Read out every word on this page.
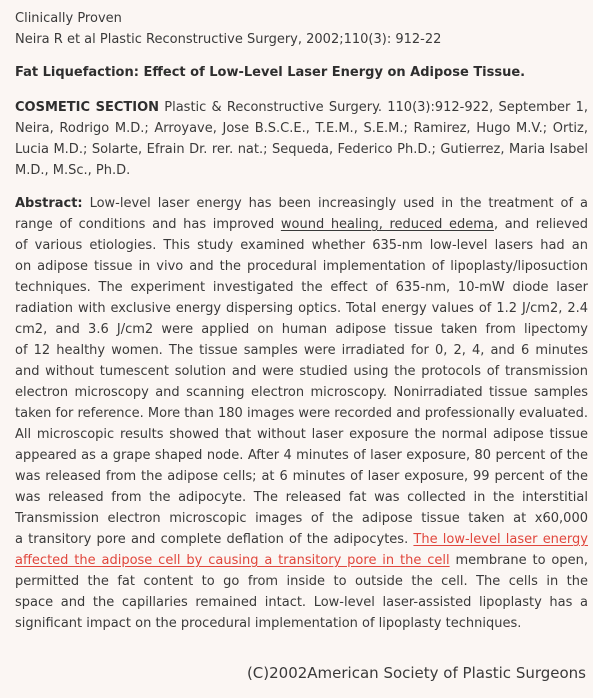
Clinically Proven
Neira R et al Plastic Reconstructive Surgery, 2002;110(3): 912-22
Fat Liquefaction: Effect of Low-Level Laser Energy on Adipose Tissue.
COSMETIC SECTION Plastic & Reconstructive Surgery. 110(3):912-922, September 1,
Neira, Rodrigo M.D.; Arroyave, Jose B.S.C.E., T.E.M., S.E.M.; Ramirez, Hugo M.V.; Ortiz,
Lucia M.D.; Solarte, Efrain Dr. rer. nat.; Sequeda, Federico Ph.D.; Gutierrez, Maria Isabel
M.D., M.Sc., Ph.D.
Abstract: Low-level laser energy has been increasingly used in the treatment of a
range of conditions and has improved wound healing, reduced edema, and relieved
of various etiologies. This study examined whether 635-nm low-level lasers had an
on adipose tissue in vivo and the procedural implementation of lipoplasty/liposuction
techniques. The experiment investigated the effect of 635-nm, 10-mW diode laser
radiation with exclusive energy dispersing optics. Total energy values of 1.2 J/cm2, 2.4
cm2, and 3.6 J/cm2 were applied on human adipose tissue taken from lipectomy
of 12 healthy women. The tissue samples were irradiated for 0, 2, 4, and 6 minutes
and without tumescent solution and were studied using the protocols of transmission
electron microscopy and scanning electron microscopy. Nonirradiated tissue samples
taken for reference. More than 180 images were recorded and professionally evaluated.
All microscopic results showed that without laser exposure the normal adipose tissue
appeared as a grape shaped node. After 4 minutes of laser exposure, 80 percent of the
was released from the adipose cells; at 6 minutes of laser exposure, 99 percent of the
was released from the adipocyte. The released fat was collected in the interstitial
Transmission electron microscopic images of the adipose tissue taken at x60,000
a transitory pore and complete deflation of the adipocytes. The low-level laser energy
affected the adipose cell by causing a transitory pore in the cell membrane to open,
permitted the fat content to go from inside to outside the cell. The cells in the
space and the capillaries remained intact. Low-level laser-assisted lipoplasty has a
significant impact on the procedural implementation of lipoplasty techniques.
(C)2002American Society of Plastic Surgeons
